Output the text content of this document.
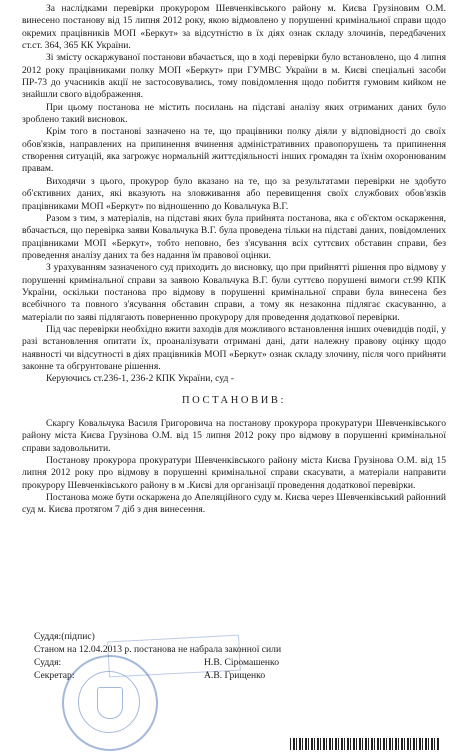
За наслідками перевірки прокурором Шевченківського району м. Києва Грузіновим О.М. винесено постанову від 15 липня 2012 року, якою відмовлено у порушенні кримінальної справи щодо окремих працівників МОП «Беркут» за відсутністю в їх діях ознак складу злочинів, передбачених ст.ст. 364, 365 КК України.

Зі змісту оскаржуваної постанови вбачається, що в ході перевірки було встановлено, що 4 липня 2012 року працівниками полку МОП «Беркут» при ГУМВС України в м. Києві спеціальні засоби ПР-73 до учасників акції не застосовувались, тому повідомлення щодо побиття гумовим кийком не знайшли свого відображення.

При цьому постанова не містить посилань на підставі аналізу яких отриманих даних було зроблено такий висновок.

Крім того в постанові зазначено на те, що працівники полку діяли у відповідності до своїх обов'язків, направлених на припинення вчинення адміністративних правопорушень та припинення створення ситуацій, яка загрожує нормальній життєдіяльності інших громадян та їхнім охоронюваним правам.

Виходячи з цього, прокурор було вказано на те, що за результатами перевірки не здобуто об'єктивних даних, які вказують на зловживання або перевищення своїх службових обов'язків працівниками МОП «Беркут» по відношенню до Ковальчука В.Г.

Разом з тим, з матеріалів, на підставі яких була прийнята постанова, яка є об'єктом оскарження, вбачається, що перевірка заяви Ковальчука В.Г. була проведена тільки на підставі даних, повідомлених працівниками МОП «Беркут», тобто неповно, без з'ясування всіх суттєвих обставин справи, без проведення аналізу даних та без надання їм правової оцінки.

З урахуванням зазначеного суд приходить до висновку, що при прийнятті рішення про відмову у порушенні кримінальної справи за заявою Ковальчука В.Г. були суттєво порушені вимоги ст.99 КПК України, оскільки постанова про відмову в порушенні кримінальної справи була винесена без всебічного та повного з'ясування обставин справи, а тому як незаконна підлягає скасуванню, а матеріали по заяві підлягають поверненню прокурору для проведення додаткової перевірки.

Під час перевірки необхідно вжити заходів для можливого встановлення інших очевидців події, у разі встановлення опитати їх, проаналізувати отримані дані, дати належну правову оцінку щодо наявності чи відсутності в діях працівників МОП «Беркут» ознак складу злочину, після чого прийняти законне та обгрунтоване рішення.

Керуючись ст.236-1, 236-2 КПК України, суд -

ПОСТАНОВИВ:

Скаргу Ковальчука Василя Григоровича на постанову прокурора прокуратури Шевченківського району міста Києва Грузінова О.М. від 15 липня 2012 року про відмову в порушенні кримінальної справи задовольнити.

Постанову прокурора прокуратури Шевченківського району міста Києва Грузінова О.М. від 15 липня 2012 року про відмову в порушенні кримінальної справи скасувати, а матеріали направити прокурору Шевченківського району в м .Києві для організації проведення додаткової перевірки.

Постанова може бути оскаржена до Апеляційного суду м. Києва через Шевченківський районний суд м. Києва протягом 7 діб з дня винесення.

Суддя:(підпис)
Станом на 12.04.2013 р. постанова не набрала законної сили
Суддя:	Н.В. Сіромашенко
Секретар:	А.В. Грищенко
